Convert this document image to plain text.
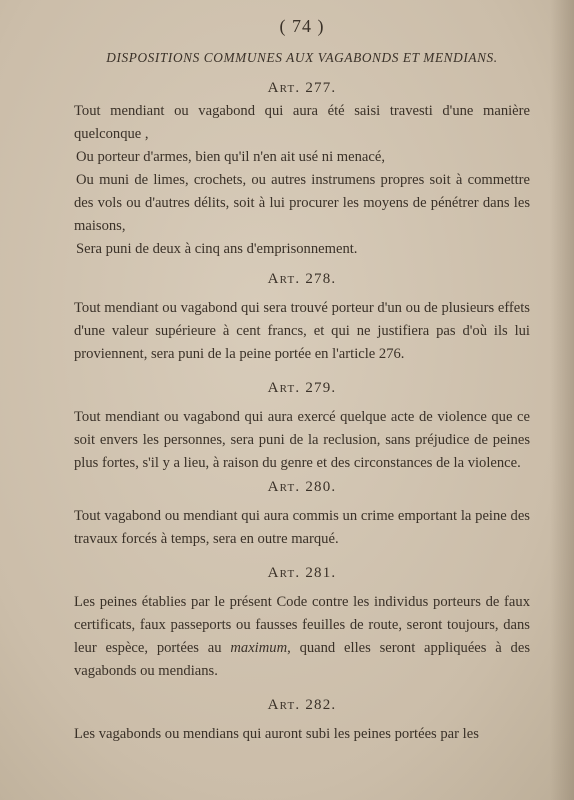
( 74 )
DISPOSITIONS COMMUNES AUX VAGABONDS ET MENDIANS.
Art. 277.

Tout mendiant ou vagabond qui aura été saisi travesti d'une manière quelconque ,

Ou porteur d'armes, bien qu'il n'en ait usé ni menacé,

Ou muni de limes, crochets, ou autres instrumens propres soit à commettre des vols ou d'autres délits, soit à lui procurer les moyens de pénétrer dans les maisons,

Sera puni de deux à cinq ans d'emprisonnement.

Art. 278.

Tout mendiant ou vagabond qui sera trouvé porteur d'un ou de plusieurs effets d'une valeur supérieure à cent francs, et qui ne justifiera pas d'où ils lui proviennent, sera puni de la peine portée en l'article 276.

Art. 279.

Tout mendiant ou vagabond qui aura exercé quelque acte de violence que ce soit envers les personnes, sera puni de la reclusion, sans préjudice de peines plus fortes, s'il y a lieu, à raison du genre et des circonstances de la violence.

Art. 280.

Tout vagabond ou mendiant qui aura commis un crime emportant la peine des travaux forcés à temps, sera en outre marqué.

Art. 281.

Les peines établies par le présent Code contre les individus porteurs de faux certificats, faux passeports ou fausses feuilles de route, seront toujours, dans leur espèce, portées au maximum, quand elles seront appliquées à des vagabonds ou mendians.

Art. 282.

Les vagabonds ou mendians qui auront subi les peines portées par les
